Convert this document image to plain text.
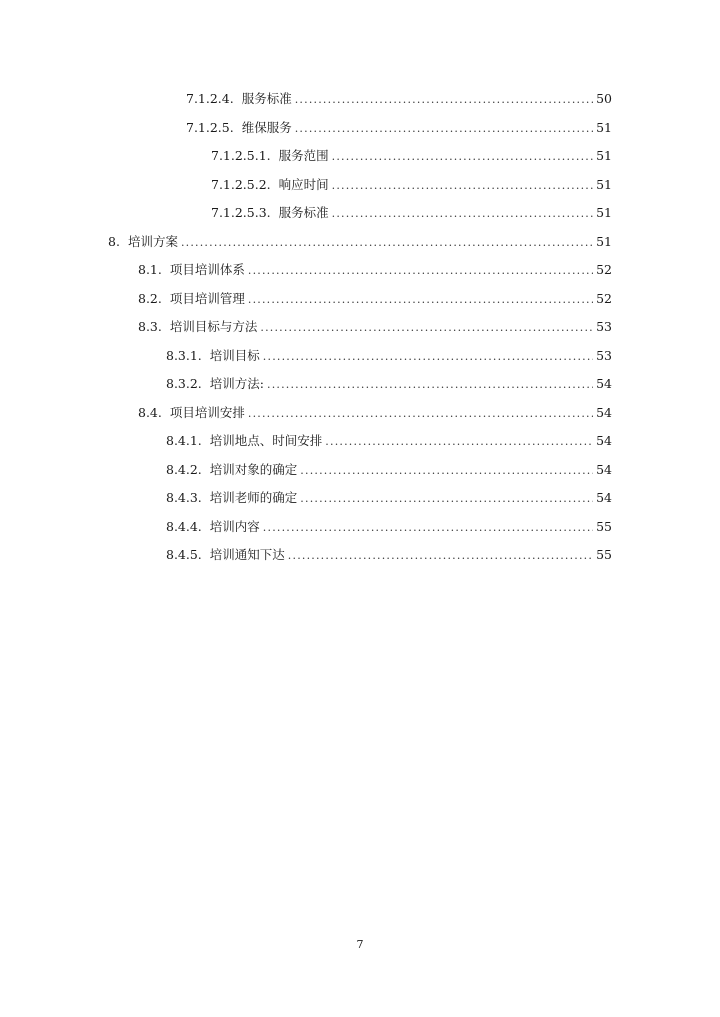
7.1.2.4. 服务标准 .....	50
7.1.2.5. 维保服务 .....	51
7.1.2.5.1. 服务范围 .....	51
7.1.2.5.2. 响应时间 .....	51
7.1.2.5.3. 服务标准 .....	51
8. 培训方案 .....	51
8.1. 项目培训体系 .....	52
8.2. 项目培训管理 .....	52
8.3. 培训目标与方法 .....	53
8.3.1. 培训目标 .....	53
8.3.2. 培训方法: .....	54
8.4. 项目培训安排 .....	54
8.4.1. 培训地点、时间安排 .....	54
8.4.2. 培训对象的确定 .....	54
8.4.3. 培训老师的确定 .....	54
8.4.4. 培训内容 .....	55
8.4.5. 培训通知下达 .....	55
7
